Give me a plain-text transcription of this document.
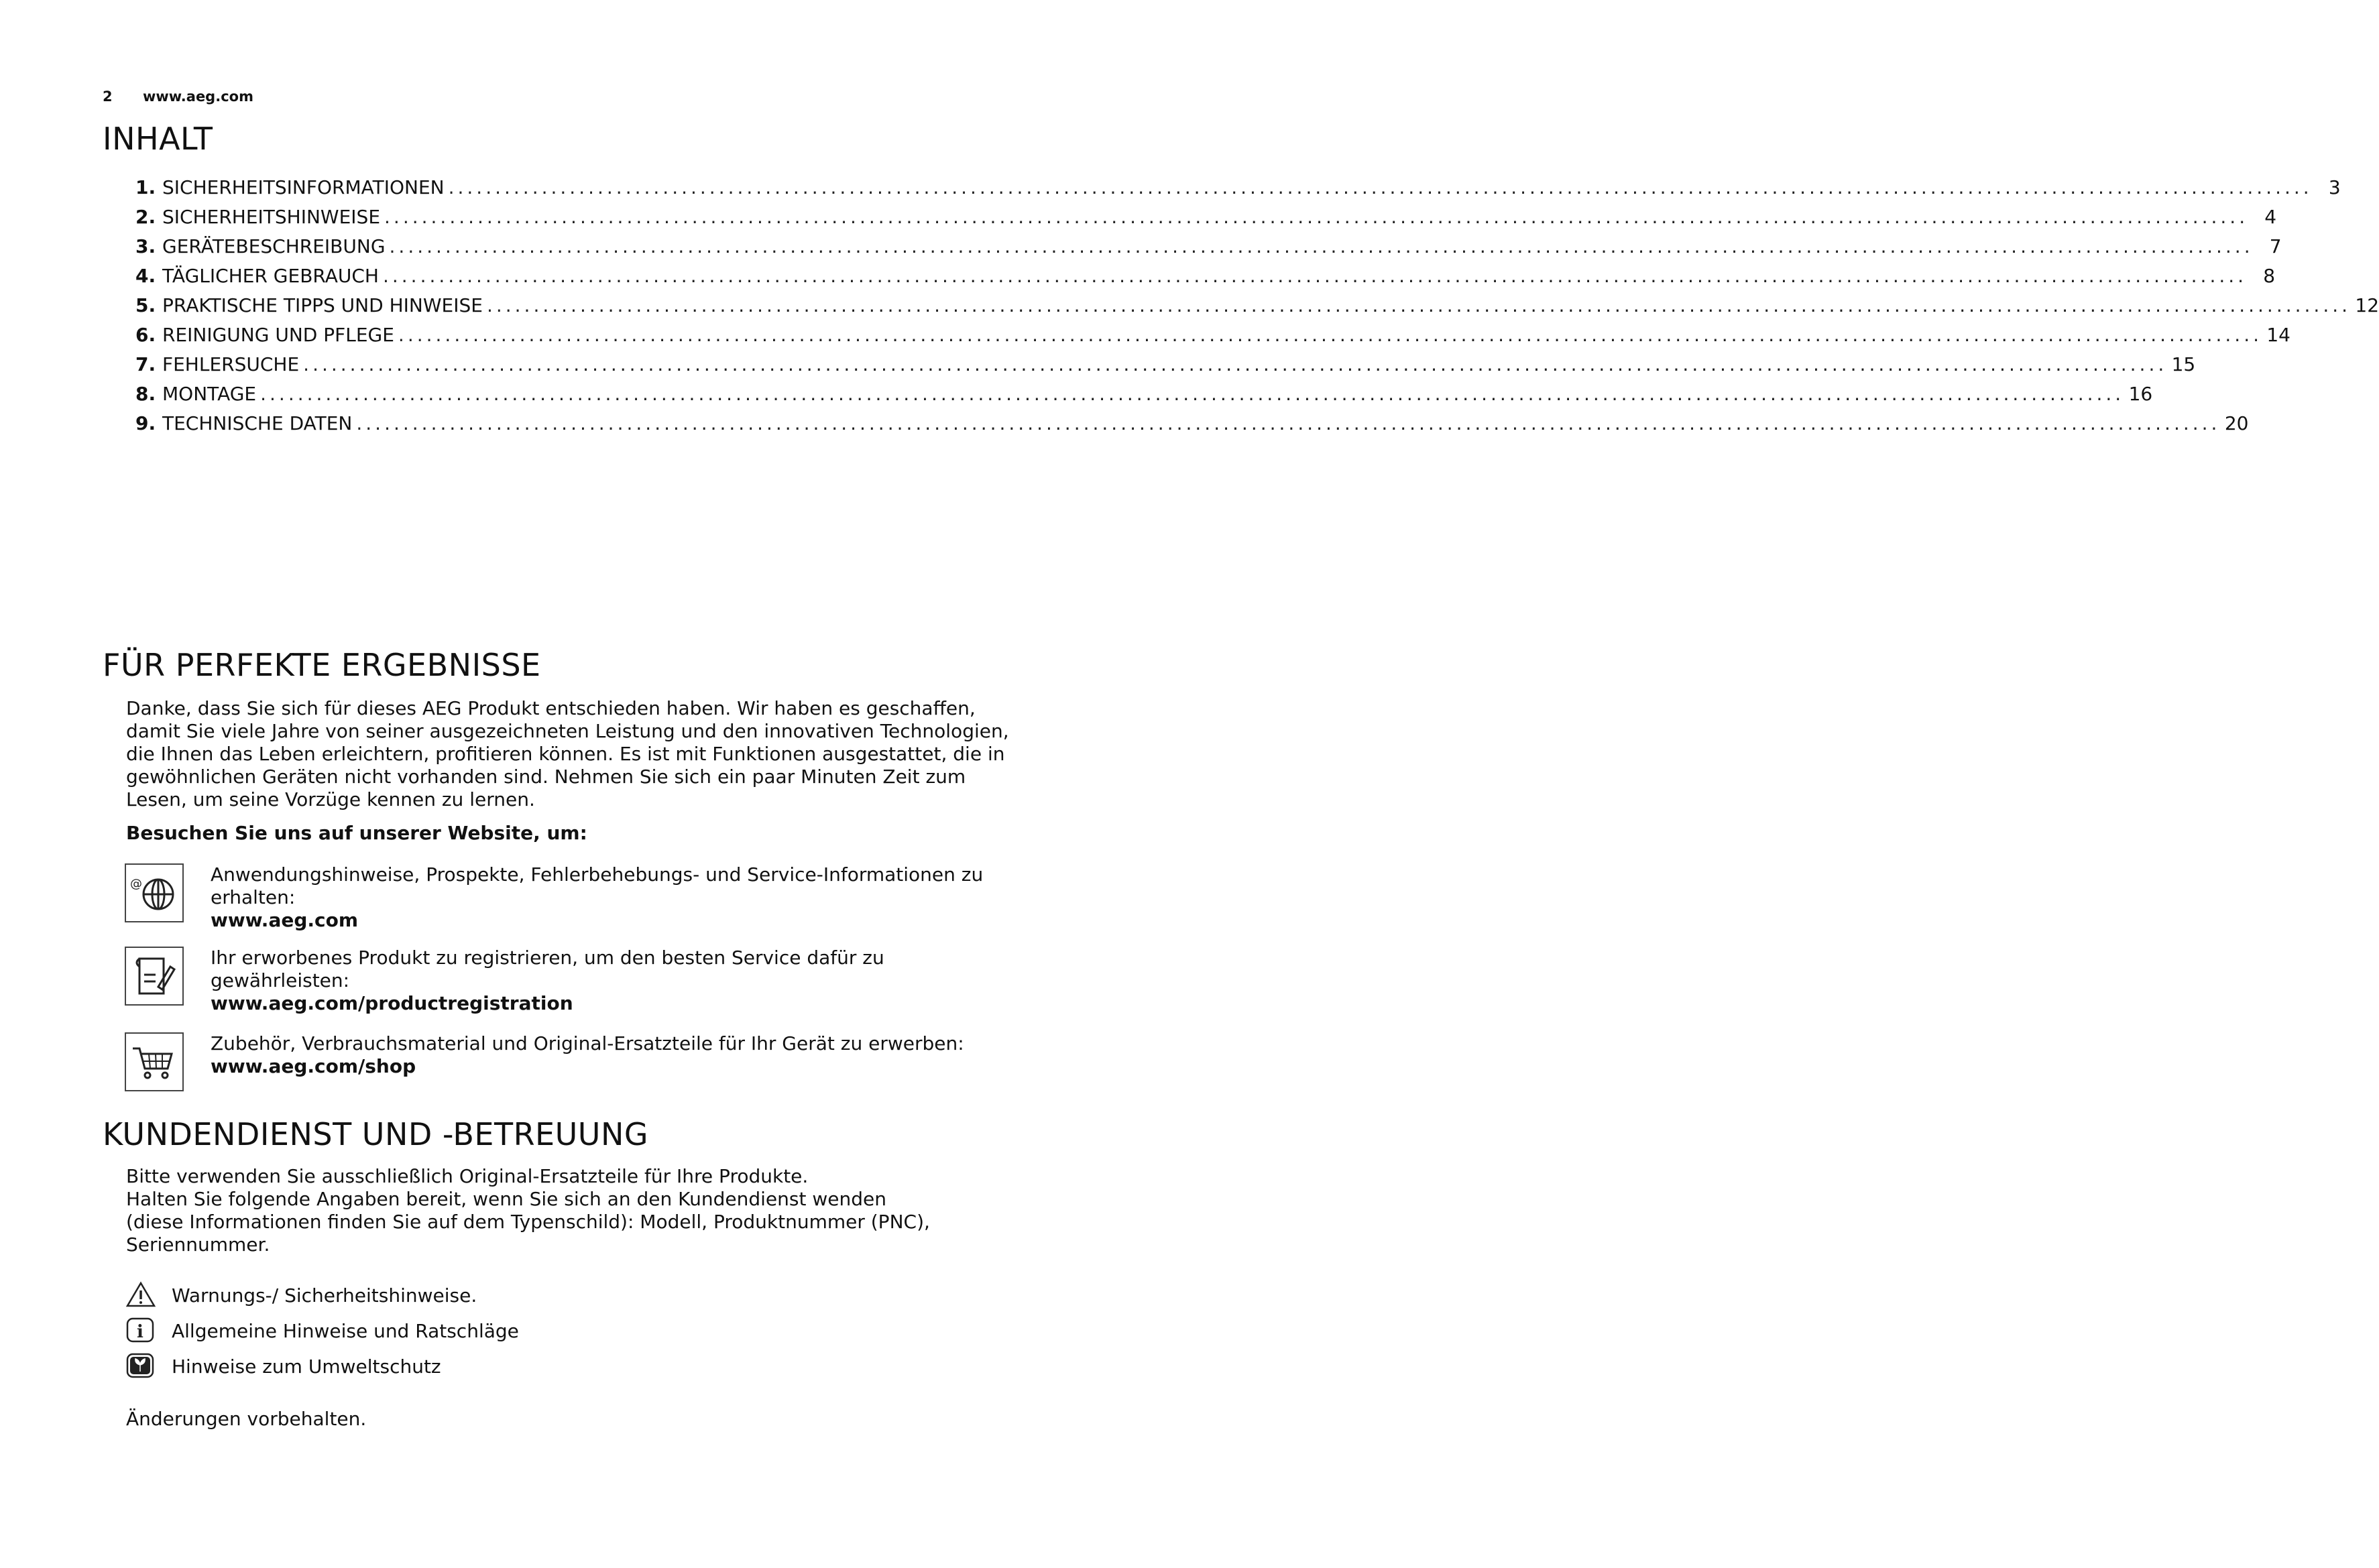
2 www.aeg.com
INHALT
1. SICHERHEITSINFORMATIONEN ........................................................................................................................................................................................................ 3
2. SICHERHEITSHINWEISE ........................................................................................................................................................................................................ 4
3. GERÄTEBESCHREIBUNG ........................................................................................................................................................................................................ 7
4. TÄGLICHER GEBRAUCH ........................................................................................................................................................................................................ 8
5. PRAKTISCHE TIPPS UND HINWEISE ........................................................................................................................................................................................................ 12
6. REINIGUNG UND PFLEGE ........................................................................................................................................................................................................ 14
7. FEHLERSUCHE ........................................................................................................................................................................................................ 15
8. MONTAGE ........................................................................................................................................................................................................ 16
9. TECHNISCHE DATEN ........................................................................................................................................................................................................ 20
FÜR PERFEKTE ERGEBNISSE
Danke, dass Sie sich für dieses AEG Produkt entschieden haben. Wir haben es geschaffen, damit Sie viele Jahre von seiner ausgezeichneten Leistung und den innovativen Technologien, die Ihnen das Leben erleichtern, profitieren können. Es ist mit Funktionen ausgestattet, die in gewöhnlichen Geräten nicht vorhanden sind. Nehmen Sie sich ein paar Minuten Zeit zum Lesen, um seine Vorzüge kennen zu lernen.
Besuchen Sie uns auf unserer Website, um:
@	Anwendungshinweise, Prospekte, Fehlerbehebungs- und Service-Informationen zu erhalten:
www.aeg.com
Ihr erworbenes Produkt zu registrieren, um den besten Service dafür zu gewährleisten:
www.aeg.com/productregistration
Zubehör, Verbrauchsmaterial und Original-Ersatzteile für Ihr Gerät zu erwerben:
www.aeg.com/shop
KUNDENDIENST UND -BETREUUNG
Bitte verwenden Sie ausschließlich Original-Ersatzteile für Ihre Produkte.
Halten Sie folgende Angaben bereit, wenn Sie sich an den Kundendienst wenden (diese Informationen finden Sie auf dem Typenschild): Modell, Produktnummer (PNC), Seriennummer.
Warnungs-/ Sicherheitshinweise.
i Allgemeine Hinweise und Ratschläge
Hinweise zum Umweltschutz
Änderungen vorbehalten.
